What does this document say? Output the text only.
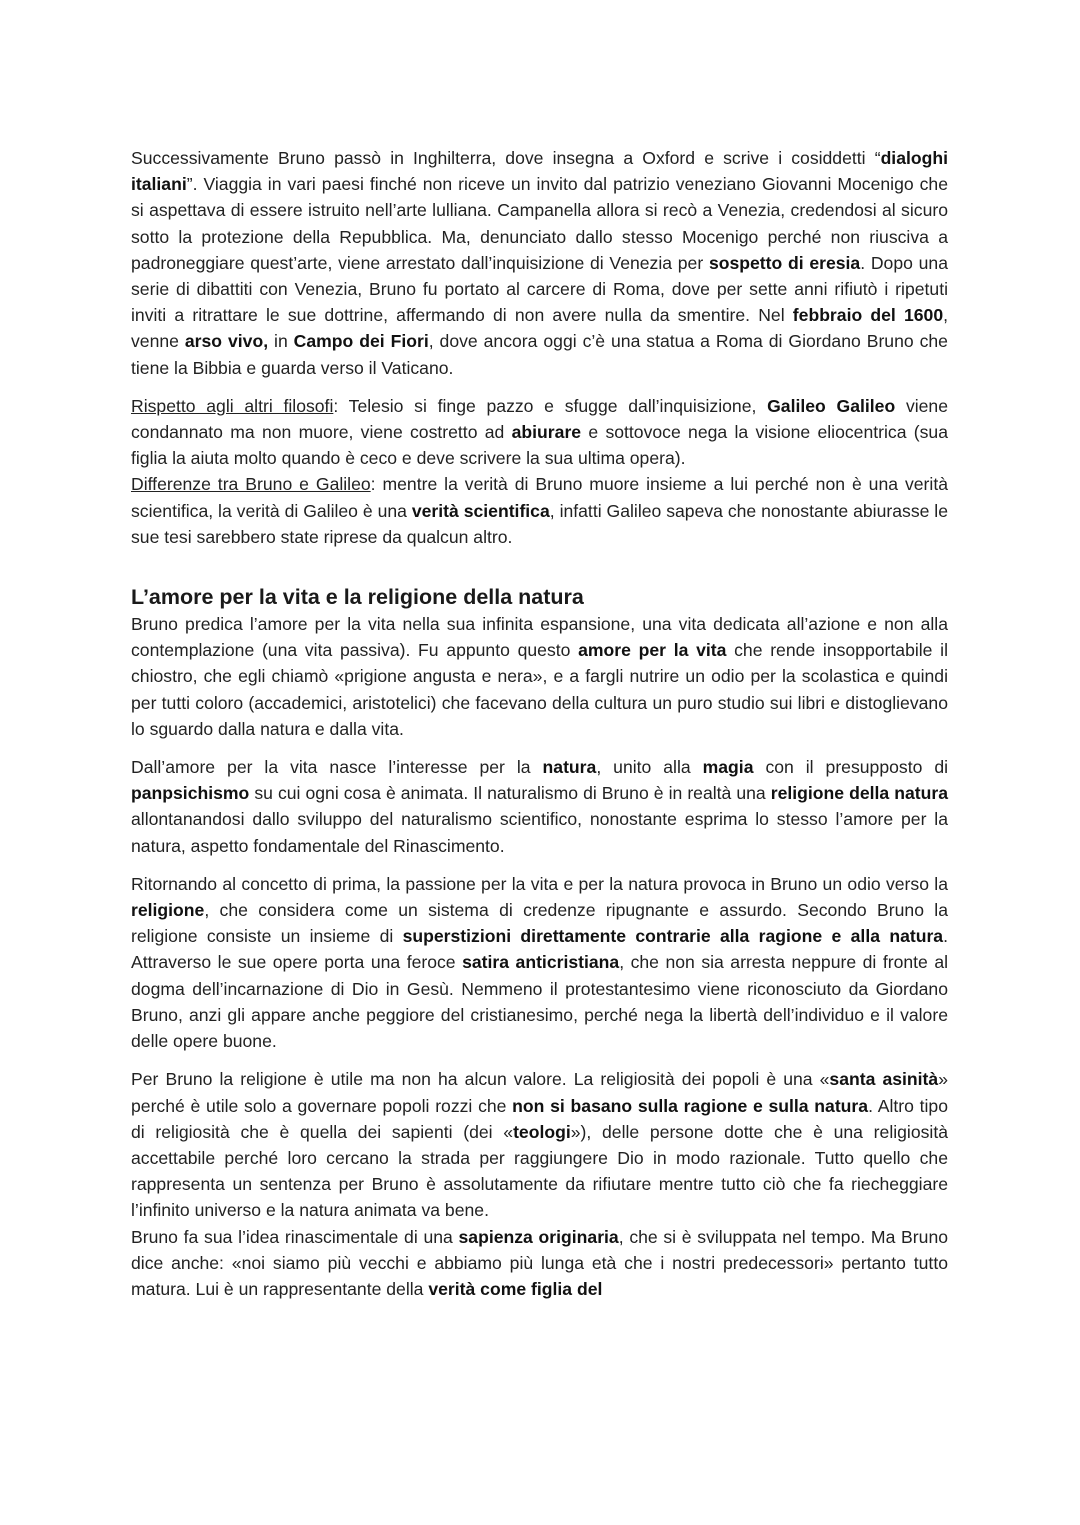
Successivamente Bruno passò in Inghilterra, dove insegna a Oxford e scrive i cosiddetti “dialoghi italiani”. Viaggia in vari paesi finché non riceve un invito dal patrizio veneziano Giovanni Mocenigo che si aspettava di essere istruito nell’arte lulliana. Campanella allora si recò a Venezia, credendosi al sicuro sotto la protezione della Repubblica. Ma, denunciato dallo stesso Mocenigo perché non riusciva a padroneggiare quest’arte, viene arrestato dall’inquisizione di Venezia per sospetto di eresia. Dopo una serie di dibattiti con Venezia, Bruno fu portato al carcere di Roma, dove per sette anni rifiutò i ripetuti inviti a ritrattare le sue dottrine, affermando di non avere nulla da smentire. Nel febbraio del 1600, venne arso vivo, in Campo dei Fiori, dove ancora oggi c’è una statua a Roma di Giordano Bruno che tiene la Bibbia e guarda verso il Vaticano.

Rispetto agli altri filosofi: Telesio si finge pazzo e sfugge dall’inquisizione, Galileo Galileo viene condannato ma non muore, viene costretto ad abiurare e sottovoce nega la visione eliocentrica (sua figlia la aiuta molto quando è ceco e deve scrivere la sua ultima opera).

Differenze tra Bruno e Galileo: mentre la verità di Bruno muore insieme a lui perché non è una verità scientifica, la verità di Galileo è una verità scientifica, infatti Galileo sapeva che nonostante abiurasse le sue tesi sarebbero state riprese da qualcun altro.

L’amore per la vita e la religione della natura

Bruno predica l’amore per la vita nella sua infinita espansione, una vita dedicata all’azione e non alla contemplazione (una vita passiva). Fu appunto questo amore per la vita che rende insopportabile il chiostro, che egli chiamò «prigione angusta e nera», e a fargli nutrire un odio per la scolastica e quindi per tutti coloro (accademici, aristotelici) che facevano della cultura un puro studio sui libri e distoglievano lo sguardo dalla natura e dalla vita.

Dall’amore per la vita nasce l’interesse per la natura, unito alla magia con il presupposto di panpsichismo su cui ogni cosa è animata. Il naturalismo di Bruno è in realtà una religione della natura allontanandosi dallo sviluppo del naturalismo scientifico, nonostante esprima lo stesso l’amore per la natura, aspetto fondamentale del Rinascimento.

Ritornando al concetto di prima, la passione per la vita e per la natura provoca in Bruno un odio verso la religione, che considera come un sistema di credenze ripugnante e assurdo. Secondo Bruno la religione consiste un insieme di superstizioni direttamente contrarie alla ragione e alla natura. Attraverso le sue opere porta una feroce satira anticristiana, che non sia arresta neppure di fronte al dogma dell’incarnazione di Dio in Gesù. Nemmeno il protestantesimo viene riconosciuto da Giordano Bruno, anzi gli appare anche peggiore del cristianesimo, perché nega la libertà dell’individuo e il valore delle opere buone.

Per Bruno la religione è utile ma non ha alcun valore. La religiosità dei popoli è una «santa asinità» perché è utile solo a governare popoli rozzi che non si basano sulla ragione e sulla natura. Altro tipo di religiosità che è quella dei sapienti (dei «teologi»), delle persone dotte che è una religiosità accettabile perché loro cercano la strada per raggiungere Dio in modo razionale. Tutto quello che rappresenta un sentenza per Bruno è assolutamente da rifiutare mentre tutto ciò che fa riecheggiare l’infinito universo e la natura animata va bene.

Bruno fa sua l’idea rinascimentale di una sapienza originaria, che si è sviluppata nel tempo. Ma Bruno dice anche: «noi siamo più vecchi e abbiamo più lunga età che i nostri predecessori» pertanto tutto matura. Lui è un rappresentante della verità come figlia del
